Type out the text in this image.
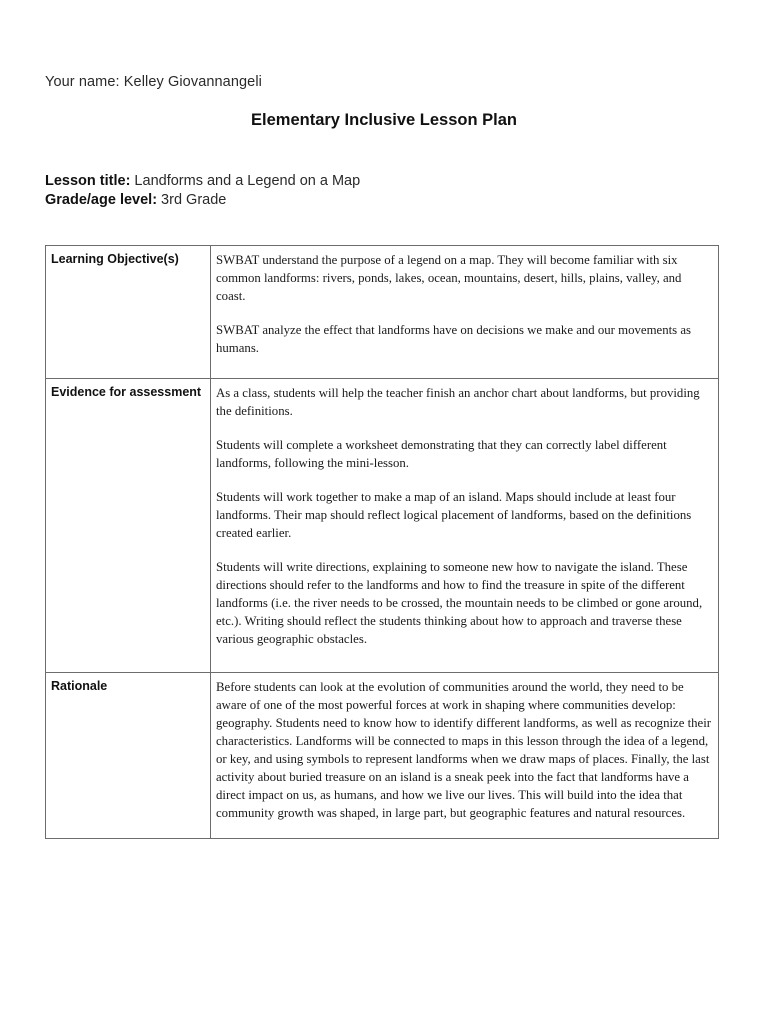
Your name: Kelley Giovannangeli
Elementary Inclusive Lesson Plan
Lesson title: Landforms and a Legend on a Map
Grade/age level: 3rd Grade
Learning Objective(s)	SWBAT understand the purpose of a legend on a map. They will become familiar with six common landforms: rivers, ponds, lakes, ocean, mountains, desert, hills, plains, valley, and coast.

SWBAT analyze the effect that landforms have on decisions we make and our movements as humans.

Evidence for assessment	As a class, students will help the teacher finish an anchor chart about landforms, but providing the definitions.

Students will complete a worksheet demonstrating that they can correctly label different landforms, following the mini-lesson.

Students will work together to make a map of an island. Maps should include at least four landforms. Their map should reflect logical placement of landforms, based on the definitions created earlier.

Students will write directions, explaining to someone new how to navigate the island. These directions should refer to the landforms and how to find the treasure in spite of the different landforms (i.e. the river needs to be crossed, the mountain needs to be climbed or gone around, etc.). Writing should reflect the students thinking about how to approach and traverse these various geographic obstacles.

Rationale	Before students can look at the evolution of communities around the world, they need to be aware of one of the most powerful forces at work in shaping where communities develop: geography. Students need to know how to identify different landforms, as well as recognize their characteristics. Landforms will be connected to maps in this lesson through the idea of a legend, or key, and using symbols to represent landforms when we draw maps of places. Finally, the last activity about buried treasure on an island is a sneak peek into the fact that landforms have a direct impact on us, as humans, and how we live our lives. This will build into the idea that community growth was shaped, in large part, but geographic features and natural resources.
